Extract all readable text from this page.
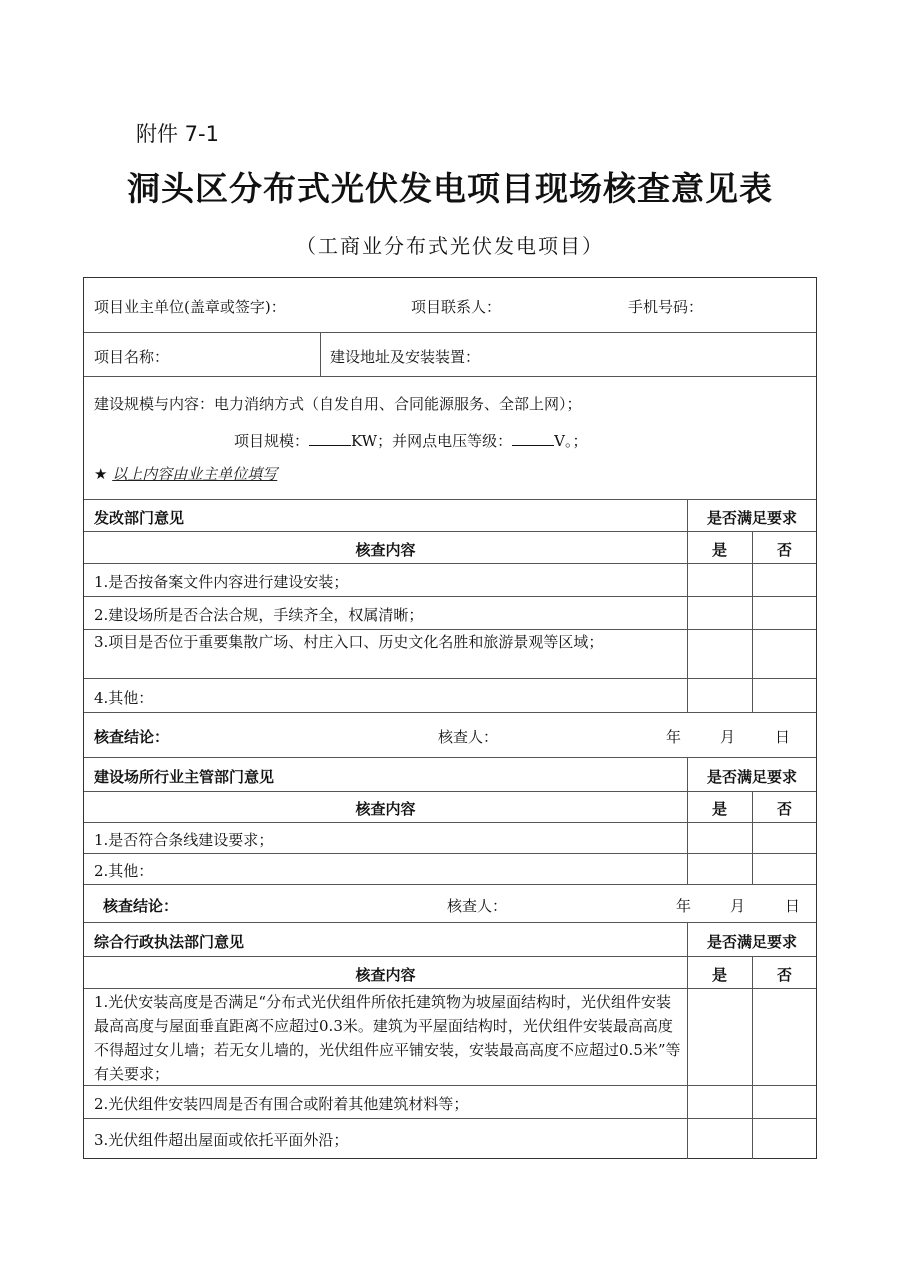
附件 7-1
洞头区分布式光伏发电项目现场核查意见表
（工商业分布式光伏发电项目）
项目业主单位(盖章或签字)：	项目联系人：	手机号码：
项目名称：	建设地址及安装装置：
建设规模与内容：电力消纳方式（自发自用、合同能源服务、全部上网）；
项目规模：	KW；并网点电压等级：	V。；
★ 以上内容由业主单位填写
发改部门意见	是否满足要求
核查内容	是	否
1.是否按备案文件内容进行建设安装；
2.建设场所是否合法合规，手续齐全，权属清晰；
3.项目是否位于重要集散广场、村庄入口、历史文化名胜和旅游景观等区域；
4.其他：
核查结论：	核查人：	年	月	日
建设场所行业主管部门意见	是否满足要求
核查内容	是	否
1.是否符合条线建设要求；
2.其他：
核查结论：	核查人：	年	月	日
综合行政执法部门意见	是否满足要求
核查内容	是	否
1.光伏安装高度是否满足“分布式光伏组件所依托建筑物为坡屋面结构时，光伏组件安装最高高度与屋面垂直距离不应超过0.3米。建筑为平屋面结构时，光伏组件安装最高高度不得超过女儿墙；若无女儿墙的，光伏组件应平铺安装，安装最高高度不应超过0.5米”等有关要求；
2.光伏组件安装四周是否有围合或附着其他建筑材料等；
3.光伏组件超出屋面或依托平面外沿；
